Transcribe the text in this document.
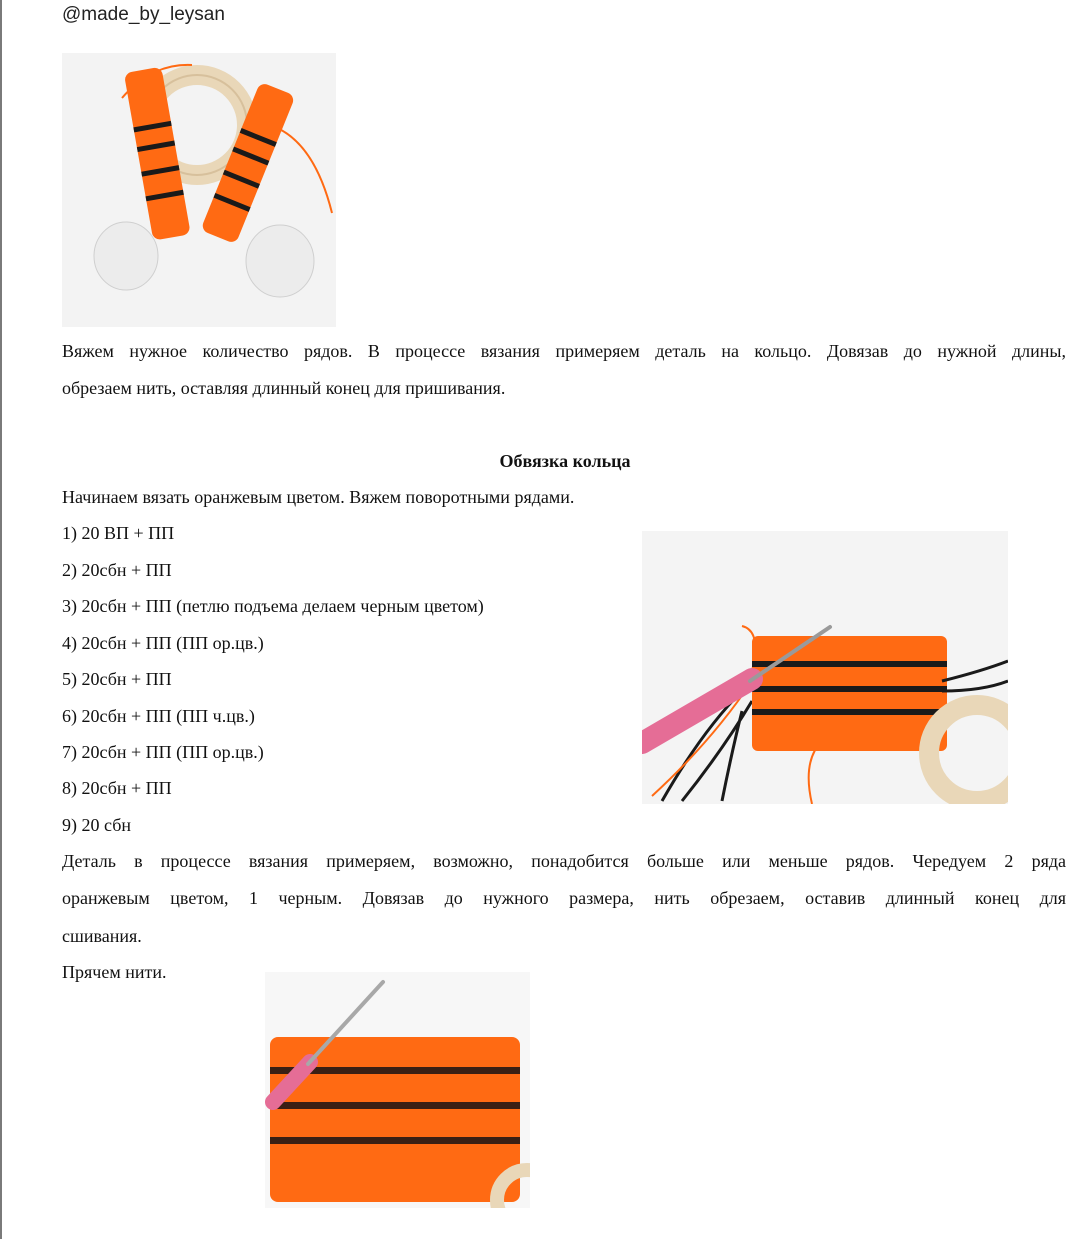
@made_by_leysan
Вяжем нужное количество рядов. В процессе вязания примеряем деталь на кольцо. Довязав до нужной длины,
обрезаем нить, оставляя длинный конец для пришивания.
Обвязка кольца
Начинаем вязать оранжевым цветом. Вяжем поворотными рядами.
1) 20 ВП + ПП
2) 20сбн + ПП
3) 20сбн + ПП (петлю подъема делаем черным цветом)
4) 20сбн + ПП (ПП ор.цв.)
5) 20сбн + ПП
6) 20сбн + ПП (ПП ч.цв.)
7) 20сбн + ПП (ПП ор.цв.)
8) 20сбн + ПП
9) 20 сбн
Деталь в процессе вязания примеряем, возможно, понадобится больше или меньше рядов. Чередуем 2 ряда
оранжевым цветом, 1 черным. Довязав до нужного размера, нить обрезаем, оставив длинный конец для
сшивания.
Прячем нити.
